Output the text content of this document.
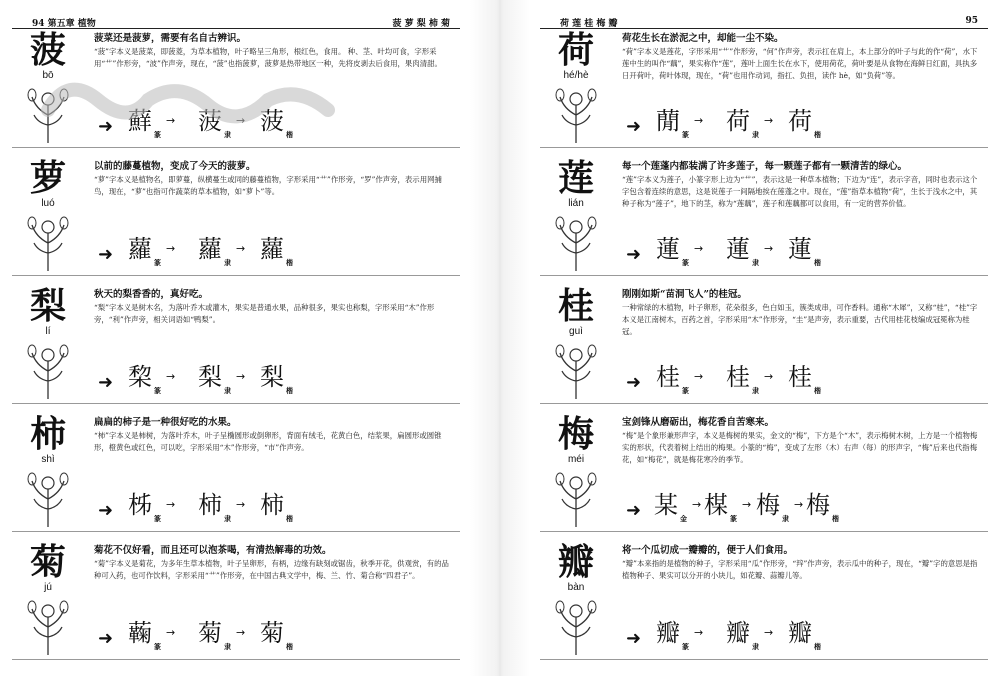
94 第五章 植物	菠 萝 梨 柿 菊
菠
bō
菠菜还是菠萝，需要有名自古辨识。
“菠”字本义是菠菜，即菠菱，为草本植物，叶子略呈三角形，根红色，食用。 种、茎、叶均可食，字形采用“艹”作形旁，“波”作声旁，现在，“菠”也指菠萝，菠萝是热带地区一种，先将皮剥去后食用，果肉清甜。
➜ 蘚 篆
→ 菠 隶
→ 菠 楷
萝
luó
以前的藤蔓植物，变成了今天的菠萝。
“萝”字本义是植物名，即萝蔓，纵横蔓生或同的藤蔓植物，字形采用“艹”作形旁，“罗”作声旁，表示用网捕鸟，现在，“萝”也指可作蔬菜的草本植物，如“萝卜”等。
➜ 蘿 篆
→ 蘿 隶
→ 蘿 楷
梨
lí
秋天的梨香香的，真好吃。
“梨”字本义是树木名，为落叶乔木或灌木，果实是普通水果，品种很多，果实也称梨，字形采用“木”作形旁，“利”作声旁，相关词语如“鸭梨”。
➜ 棃 篆
→ 梨 隶
→ 梨 楷
柿
shì
扁扁的柿子是一种很好吃的水果。
“柿”字本义是柿树，为落叶乔木，叶子呈椭圆形或倒卵形，背面有绒毛，花黄白色，结浆果，扁圆形或圆锥形，橙黄色或红色，可以吃，字形采用“木”作形旁，“市”作声旁。
➜ 柹 篆
→ 柿 隶
→ 柿 楷
菊
jú
菊花不仅好看，而且还可以泡茶喝，有清热解毒的功效。
“菊”字本义是菊花，为多年生草本植物，叶子呈卵形，有柄，边缘有缺刻或锯齿，秋季开花，供观赏，有的品种可入药，也可作饮料，字形采用“艹”作形旁，在中国古典文学中，梅、兰、竹、菊合称“四君子”。
➜ 蘜 篆
→ 菊 隶
→ 菊 楷
荷 莲 桂 梅 瓣	95
荷
hé/hè
荷花生长在淤泥之中，却能一尘不染。
“荷”字本义是莲花，字形采用“艹”作形旁，“何”作声旁，表示扛在肩上，本上部分的叶子与此的作“荷”，水下莲中生的叫作“藕”，果实称作“莲”，莲叶上面生长在水下，使用荷花，荷叶要是从食物在海鲜日红面，具执多日开荷叶，荷叶体现，现在，“荷”也用作动词，指扛、负担，读作 hè，如“负荷”等。
➜ 蕑 篆
→ 荷 隶
→ 荷 楷
莲
lián
每一个莲蓬内都装满了许多莲子，每一颗莲子都有一颗清苦的绿心。
“莲”字本义为莲子，小篆字形上边为“艹”，表示这是一种草本植物；下边为“连”，表示字音，同时也表示这个字包含着连续的意思，这是说莲子一间隔地挨在莲蓬之中。现在，“莲”指草本植物“荷”，生长于浅水之中，其种子称为“莲子”，地下的茎，称为“莲藕”，莲子和莲藕都可以食用，有一定的营养价值。
➜ 蓮 篆
→ 蓮 隶
→ 蓮 楷
桂
guì
刚刚如斯“苗洞飞人”的桂冠。
一种常绿的木植物，叶子卵形，花朵很多，色白如玉，簇类成串，可作香料。通称“木犀”，又称“桂”，“桂”字本义是江南树木，百药之首，字形采用“木”作形旁，“圭”是声旁，表示重要，古代用桂花枝编成冠冕称为桂冠。
➜ 桂 篆
→ 桂 隶
→ 桂 楷
梅
méi
宝剑锋从磨砺出，梅花香自苦寒来。
“梅”是个象形兼形声字，本义是梅树的果实，金文的“梅”，下方是个“木”，表示梅树木树，上方是一个植物梅实的形状，代表着树上结出的梅果。小篆的“梅”，变成了左形（木）右声（每）的形声字，“梅”后来也代指梅花，如“梅花”，就是梅花寒冷的季节。
➜ 某 金
→ 楳 篆
→ 梅 隶
→ 梅 楷
瓣
bàn
将一个瓜切成一瓣瓣的，便于人们食用。
“瓣”本来指的是植物的种子，字形采用“瓜”作形旁，“辡”作声旁，表示瓜中的种子，现在，“瓣”字的意思是指植物种子、果实可以分开的小块儿，如花瓣、蒜瓣儿等。
➜ 瓣 篆
→ 瓣 隶
→ 瓣 楷
